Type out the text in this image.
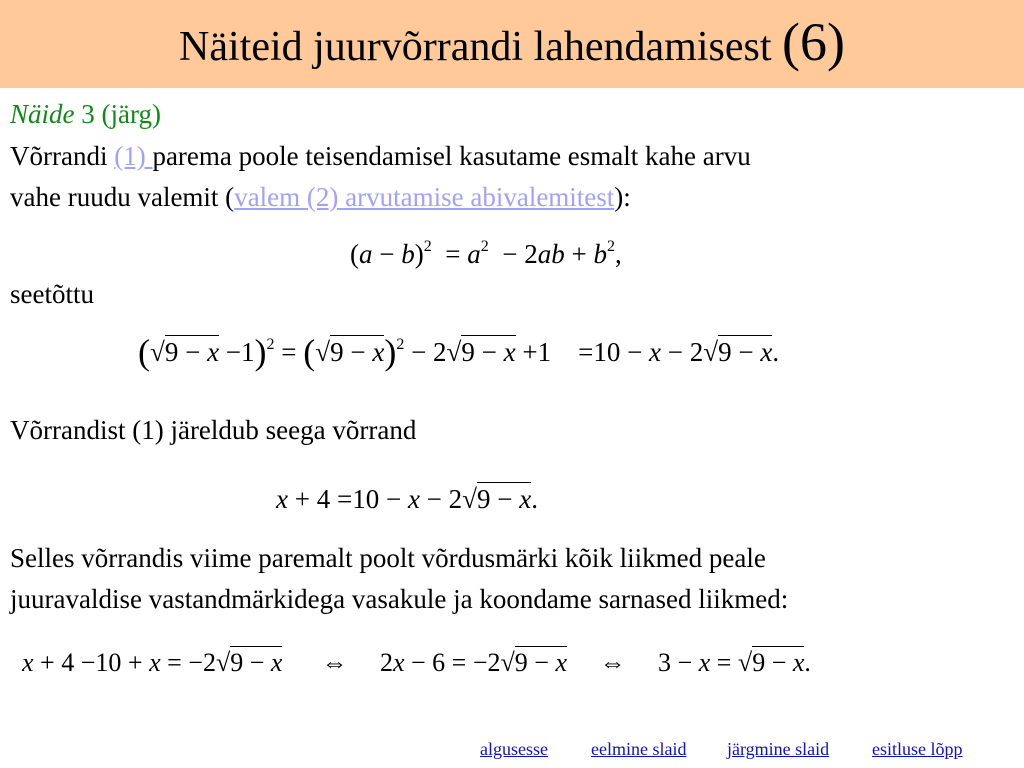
Näiteid juurvõrrandi lahendamisest (6)
Näide 3 (järg)
Võrrandi (1) parema poole teisendamisel kasutame esmalt kahe arvu
vahe ruudu valemit (valem (2) arvutamise abivalemitest):
$(a - b)^2 = a^2 - 2ab + b^2$,
seetõttu
$(√9 - x -1)^2 = (√9 - x)^2 - 2√9 - x +1 =10 - x - 2√9 - x$.
Võrrandist (1) järeldub seega võrrand
x + 4 =10 − x − 2√9 − x.
Selles võrrandis viime paremalt poolt võrdusmärki kõik liikmed peale
juuravaldise vastandmärkidega vasakule ja koondame sarnased liikmed:
x + 4 −10 + x = −2√9 − x ⇔ 2x − 6 = −2√9 − x ⇔ 3 − x = √9 − x.
algusesse eelmine slaid järgmine slaid esitluse lõpp
